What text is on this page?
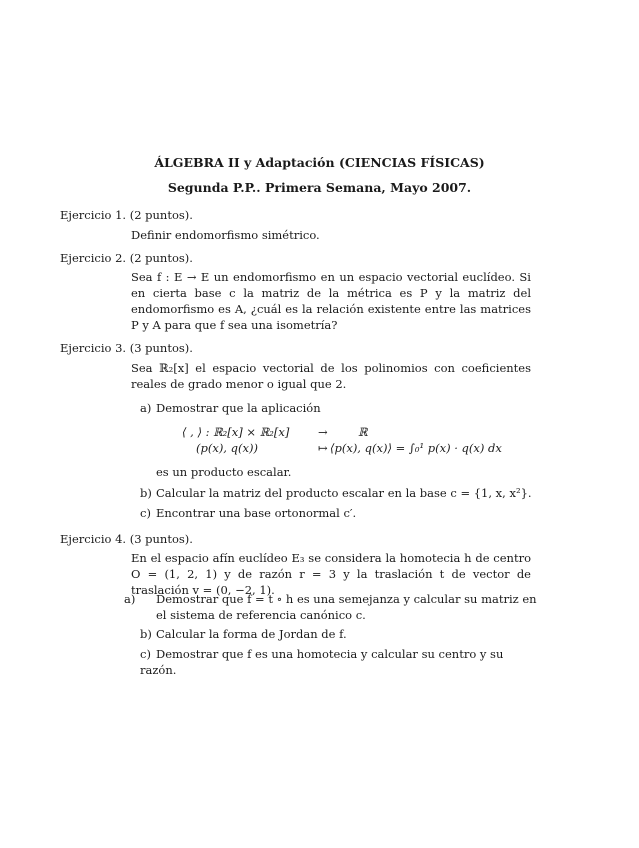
ÁLGEBRA II y Adaptación (CIENCIAS FÍSICAS)
Segunda P.P.. Primera Semana, Mayo 2007.
Ejercicio 1. (2 puntos).
Definir endomorfismo simétrico.
Ejercicio 2. (2 puntos).
Sea f : E → E un endomorfismo en un espacio vectorial euclídeo. Si en cierta base c la matriz de la métrica es P y la matriz del endomorfismo es A, ¿cuál es la relación existente entre las matrices P y A para que f sea una isometría?
Ejercicio 3. (3 puntos).
Sea ℝ₂[x] el espacio vectorial de los polinomios con coeficientes reales de grado menor o igual que 2.
a) Demostrar que la aplicación
⟨ , ⟩ : ℝ₂[x] × ℝ₂[x] →	ℝ
(p(x), q(x))	↦ ⟨p(x), q(x)⟩ = ∫₀¹ p(x) · q(x) dx
es un producto escalar.
b) Calcular la matriz del producto escalar en la base c = {1, x, x²}.
c) Encontrar una base ortonormal c′.
Ejercicio 4. (3 puntos).
En el espacio afín euclídeo E₃ se considera la homotecia h de centro O = (1, 2, 1) y de razón r = 3 y la traslación t de vector de traslación v = (0, −2, 1).
a) Demostrar que f = t ∘ h es una semejanza y calcular su matriz en el sistema de referencia canónico c.
b) Calcular la forma de Jordan de f.
c) Demostrar que f es una homotecia y calcular su centro y su razón.
